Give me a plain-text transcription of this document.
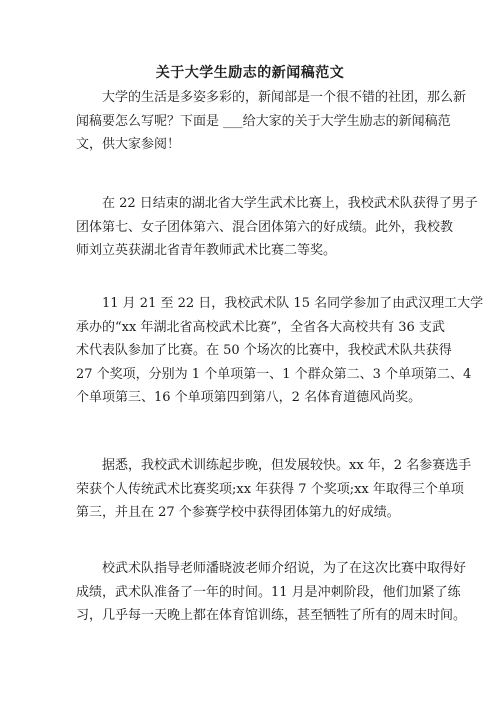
关于大学生励志的新闻稿范文

大学的生活是多姿多彩的，新闻部是一个很不错的社团，那么新
闻稿要怎么写呢？下面是 ___给大家的关于大学生励志的新闻稿范
文，供大家参阅！

在 22 日结束的湖北省大学生武术比赛上，我校武术队获得了男子
团体第七、女子团体第六、混合团体第六的好成绩。此外，我校教
师刘立英获湖北省青年教师武术比赛二等奖。

11 月 21 至 22 日，我校武术队 15 名同学参加了由武汉理工大学
承办的“xx 年湖北省高校武术比赛”，全省各大高校共有 36 支武
术代表队参加了比赛。在 50 个场次的比赛中，我校武术队共获得
27 个奖项，分别为 1 个单项第一、1 个群众第二、3 个单项第二、4
个单项第三、16 个单项第四到第八，2 名体育道德风尚奖。

据悉，我校武术训练起步晚，但发展较快。xx 年，2 名参赛选手
荣获个人传统武术比赛奖项;xx 年获得 7 个奖项;xx 年取得三个单项
第三，并且在 27 个参赛学校中获得团体第九的好成绩。

校武术队指导老师潘晓波老师介绍说，为了在这次比赛中取得好
成绩，武术队准备了一年的时间。11 月是冲刺阶段，他们加紧了练
习，几乎每一天晚上都在体育馆训练，甚至牺牲了所有的周末时间。
